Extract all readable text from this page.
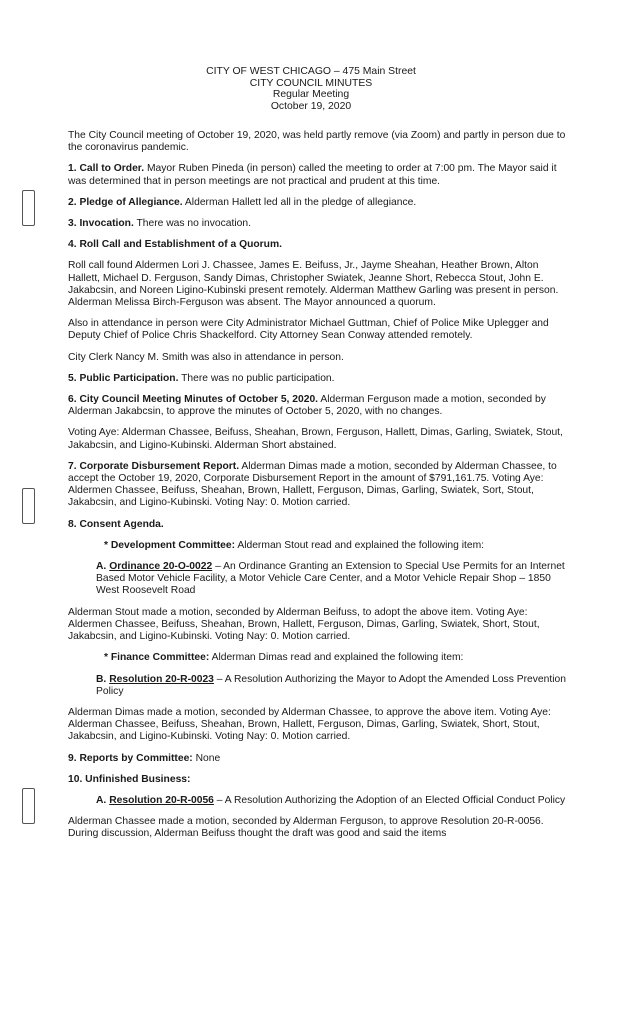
CITY OF WEST CHICAGO – 475 Main Street
CITY COUNCIL MINUTES
Regular Meeting
October 19, 2020

The City Council meeting of October 19, 2020, was held partly remove (via Zoom) and partly in person due to the coronavirus pandemic.

1. Call to Order. Mayor Ruben Pineda (in person) called the meeting to order at 7:00 pm. The Mayor said it was determined that in person meetings are not practical and prudent at this time.

2. Pledge of Allegiance. Alderman Hallett led all in the pledge of allegiance.

3. Invocation. There was no invocation.

4. Roll Call and Establishment of a Quorum.

Roll call found Aldermen Lori J. Chassee, James E. Beifuss, Jr., Jayme Sheahan, Heather Brown, Alton Hallett, Michael D. Ferguson, Sandy Dimas, Christopher Swiatek, Jeanne Short, Rebecca Stout, John E. Jakabcsin, and Noreen Ligino-Kubinski present remotely. Alderman Matthew Garling was present in person. Alderman Melissa Birch-Ferguson was absent. The Mayor announced a quorum.

Also in attendance in person were City Administrator Michael Guttman, Chief of Police Mike Uplegger and Deputy Chief of Police Chris Shackelford. City Attorney Sean Conway attended remotely.

City Clerk Nancy M. Smith was also in attendance in person.

5. Public Participation. There was no public participation.

6. City Council Meeting Minutes of October 5, 2020. Alderman Ferguson made a motion, seconded by Alderman Jakabcsin, to approve the minutes of October 5, 2020, with no changes.

Voting Aye: Alderman Chassee, Beifuss, Sheahan, Brown, Ferguson, Hallett, Dimas, Garling, Swiatek, Stout, Jakabcsin, and Ligino-Kubinski. Alderman Short abstained.

7. Corporate Disbursement Report. Alderman Dimas made a motion, seconded by Alderman Chassee, to accept the October 19, 2020, Corporate Disbursement Report in the amount of $791,161.75. Voting Aye: Aldermen Chassee, Beifuss, Sheahan, Brown, Hallett, Ferguson, Dimas, Garling, Swiatek, Sort, Stout, Jakabcsin, and Ligino-Kubinski. Voting Nay: 0. Motion carried.

8. Consent Agenda.

* Development Committee: Alderman Stout read and explained the following item:

A. Ordinance 20-O-0022 – An Ordinance Granting an Extension to Special Use Permits for an Internet Based Motor Vehicle Facility, a Motor Vehicle Care Center, and a Motor Vehicle Repair Shop – 1850 West Roosevelt Road

Alderman Stout made a motion, seconded by Alderman Beifuss, to adopt the above item. Voting Aye: Aldermen Chassee, Beifuss, Sheahan, Brown, Hallett, Ferguson, Dimas, Garling, Swiatek, Short, Stout, Jakabcsin, and Ligino-Kubinski. Voting Nay: 0. Motion carried.

* Finance Committee: Alderman Dimas read and explained the following item:

B. Resolution 20-R-0023 – A Resolution Authorizing the Mayor to Adopt the Amended Loss Prevention Policy

Alderman Dimas made a motion, seconded by Alderman Chassee, to approve the above item. Voting Aye: Alderman Chassee, Beifuss, Sheahan, Brown, Hallett, Ferguson, Dimas, Garling, Swiatek, Short, Stout, Jakabcsin, and Ligino-Kubinski. Voting Nay: 0. Motion carried.

9. Reports by Committee: None

10. Unfinished Business:

A. Resolution 20-R-0056 – A Resolution Authorizing the Adoption of an Elected Official Conduct Policy

Alderman Chassee made a motion, seconded by Alderman Ferguson, to approve Resolution 20-R-0056. During discussion, Alderman Beifuss thought the draft was good and said the items
